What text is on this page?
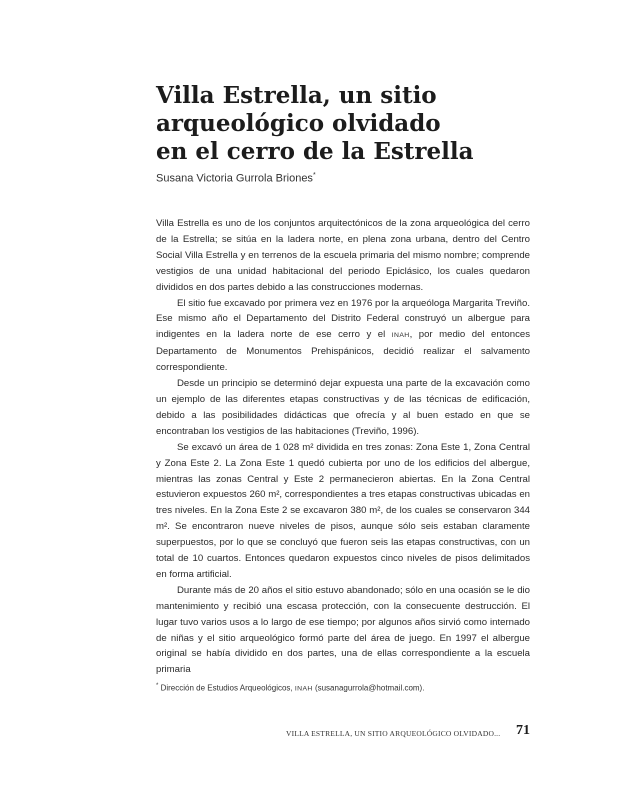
Villa Estrella, un sitio
arqueológico olvidado
en el cerro de la Estrella
Susana Victoria Gurrola Briones*

Villa Estrella es uno de los conjuntos arquitectónicos de la zona arqueológica del cerro de la Estrella; se sitúa en la ladera norte, en plena zona urbana, dentro del Centro Social Villa Estrella y en terrenos de la escuela primaria del mismo nombre; comprende vestigios de una unidad habitacional del periodo Epiclásico, los cuales quedaron divididos en dos partes debido a las construcciones modernas.

El sitio fue excavado por primera vez en 1976 por la arqueóloga Margarita Treviño. Ese mismo año el Departamento del Distrito Federal construyó un albergue para indigentes en la ladera norte de ese cerro y el INAH, por medio del entonces Departamento de Monumentos Prehispánicos, decidió realizar el salvamento correspondiente.

Desde un principio se determinó dejar expuesta una parte de la excavación como un ejemplo de las diferentes etapas constructivas y de las técnicas de edificación, debido a las posibilidades didácticas que ofrecía y al buen estado en que se encontraban los vestigios de las habitaciones (Treviño, 1996).

Se excavó un área de 1 028 m² dividida en tres zonas: Zona Este 1, Zona Central y Zona Este 2. La Zona Este 1 quedó cubierta por uno de los edificios del albergue, mientras las zonas Central y Este 2 permanecieron abiertas. En la Zona Central estuvieron expuestos 260 m², correspondientes a tres etapas constructivas ubicadas en tres niveles. En la Zona Este 2 se excavaron 380 m², de los cuales se conservaron 344 m². Se encontraron nueve niveles de pisos, aunque sólo seis estaban claramente superpuestos, por lo que se concluyó que fueron seis las etapas constructivas, con un total de 10 cuartos. Entonces quedaron expuestos cinco niveles de pisos delimitados en forma artificial.

Durante más de 20 años el sitio estuvo abandonado; sólo en una ocasión se le dio mantenimiento y recibió una escasa protección, con la consecuente destrucción. El lugar tuvo varios usos a lo largo de ese tiempo; por algunos años sirvió como internado de niñas y el sitio arqueológico formó parte del área de juego. En 1997 el albergue original se había dividido en dos partes, una de ellas correspondiente a la escuela primaria

* Dirección de Estudios Arqueológicos, INAH (susanagurrola@hotmail.com).
VILLA ESTRELLA, UN SITIO ARQUEOLÓGICO OLVIDADO... 71
